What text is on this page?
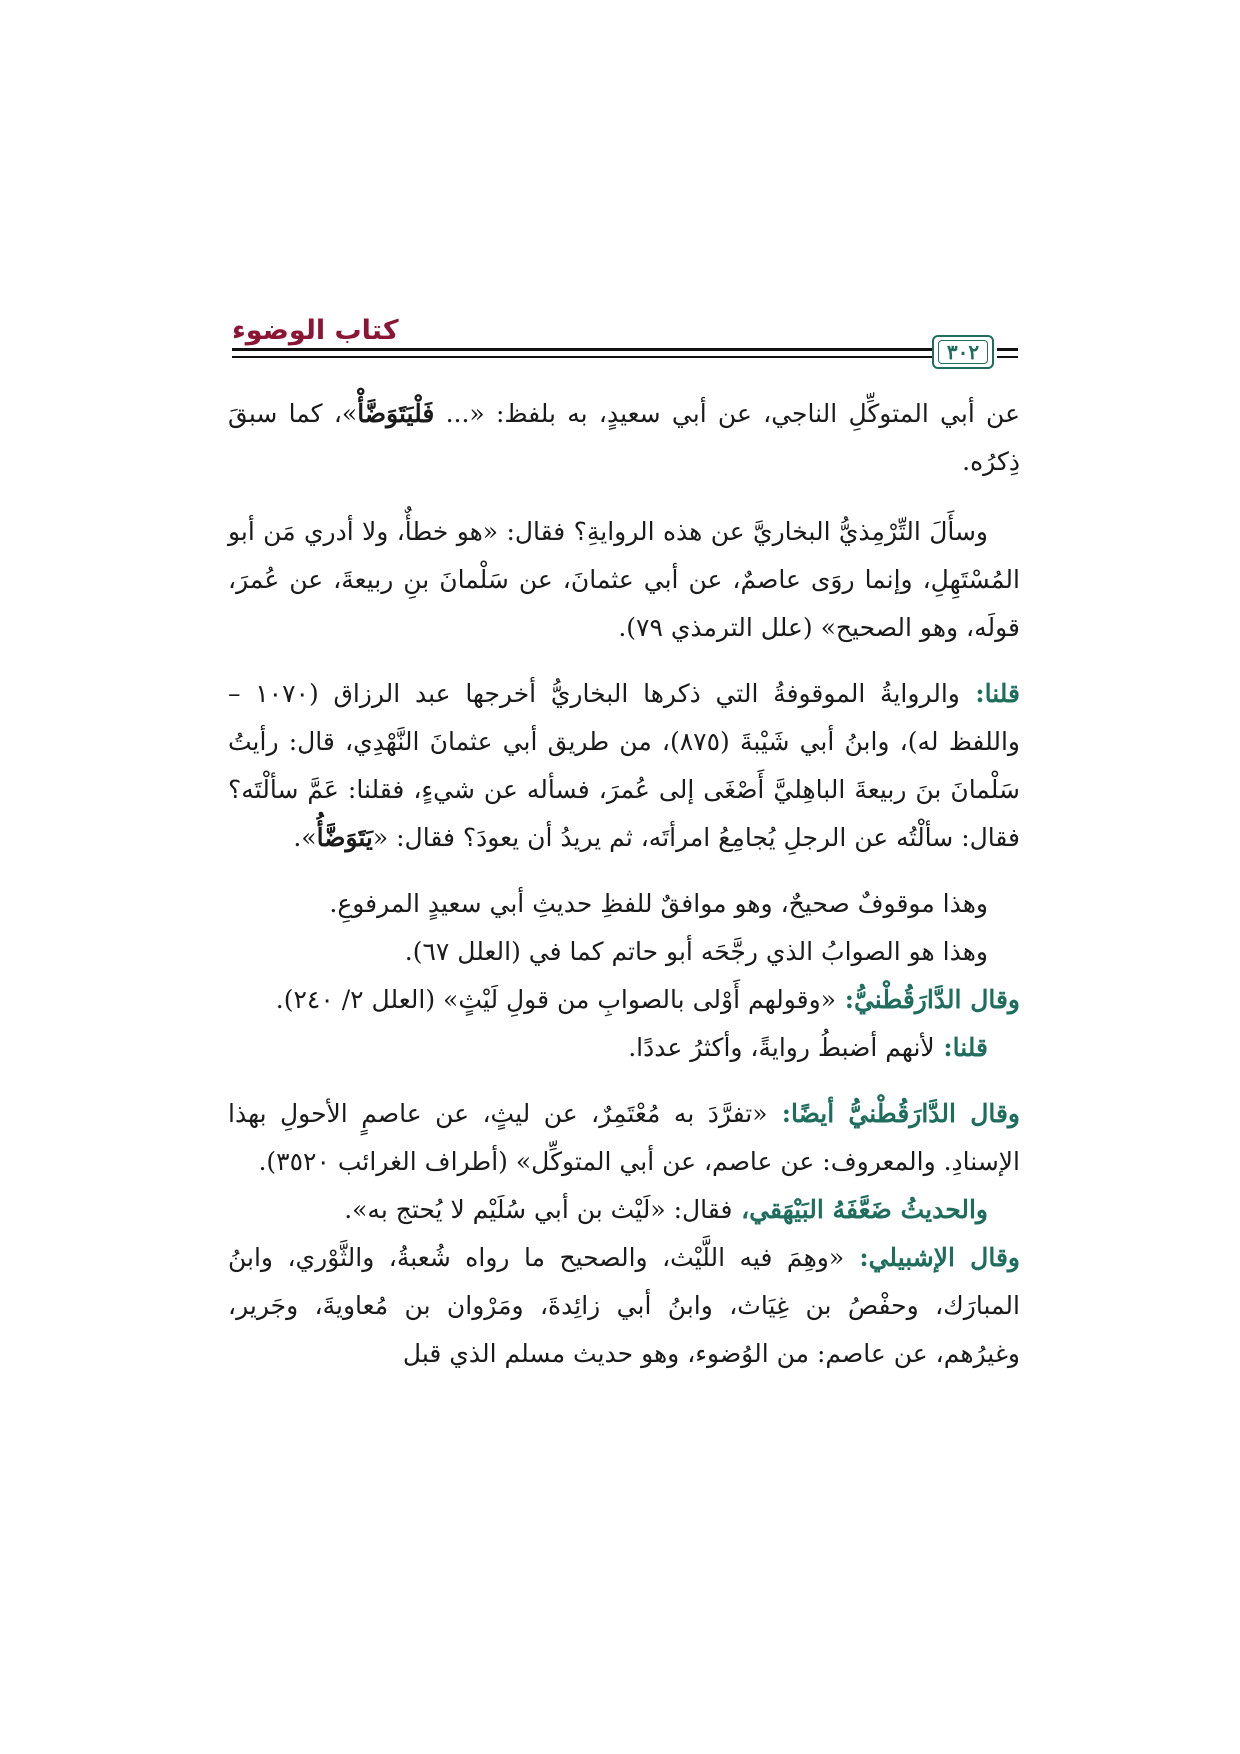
كتاب الوضوء
٣٠٢

عن أبي المتوكِّلِ الناجي، عن أبي سعيدٍ، به بلفظ: «... فَلْيَتَوَضَّأْ»، كما سبقَ ذِكرُه.

وسأَلَ التِّرْمِذيُّ البخاريَّ عن هذه الروايةِ؟ فقال: «هو خطأٌ، ولا أدري مَن أبو المُسْتَهِلِ، وإنما روَى عاصمٌ، عن أبي عثمانَ، عن سَلْمانَ بنِ ربيعةَ، عن عُمرَ، قولَه، وهو الصحيح» (علل الترمذي ٧٩).

قلنا: والروايةُ الموقوفةُ التي ذكرها البخاريُّ أخرجها عبد الرزاق (١٠٧٠ – واللفظ له)، وابنُ أبي شَيْبةَ (٨٧٥)، من طريق أبي عثمانَ النَّهْدِي، قال: رأيتُ سَلْمانَ بنَ ربيعةَ الباهِليَّ أَصْغَى إلى عُمرَ، فسأله عن شيءٍ، فقلنا: عَمَّ سألْتَه؟ فقال: سألْتُه عن الرجلِ يُجامِعُ امرأتَه، ثم يريدُ أن يعودَ؟ فقال: «يَتَوَضَّأُ».

وهذا موقوفٌ صحيحٌ، وهو موافقٌ للفظِ حديثِ أبي سعيدٍ المرفوعِ.

وهذا هو الصوابُ الذي رجَّحَه أبو حاتم كما في (العلل ٦٧).

وقال الدَّارَقُطْنيُّ: «وقولهم أَوْلى بالصوابِ من قولِ لَيْثٍ» (العلل ٢/ ٢٤٠).

قلنا: لأنهم أضبطُ روايةً، وأكثرُ عددًا.

وقال الدَّارَقُطْنيُّ أيضًا: «تفرَّدَ به مُعْتَمِرٌ، عن ليثٍ، عن عاصمٍ الأحولِ بهذا الإسنادِ. والمعروف: عن عاصم، عن أبي المتوكِّل» (أطراف الغرائب ٣٥٢٠).

والحديثُ ضَعَّفَهُ البَيْهَقي، فقال: «لَيْث بن أبي سُلَيْم لا يُحتج به».

وقال الإشبيلي: «وهِمَ فيه اللَّيْث، والصحيح ما رواه شُعبةُ، والثَّوْري، وابنُ المبارَك، وحفْصُ بن غِيَاث، وابنُ أبي زائِدةَ، ومَرْوان بن مُعاويةَ، وجَرير، وغيرُهم، عن عاصم: من الوُضوء، وهو حديث مسلم الذي قبل
